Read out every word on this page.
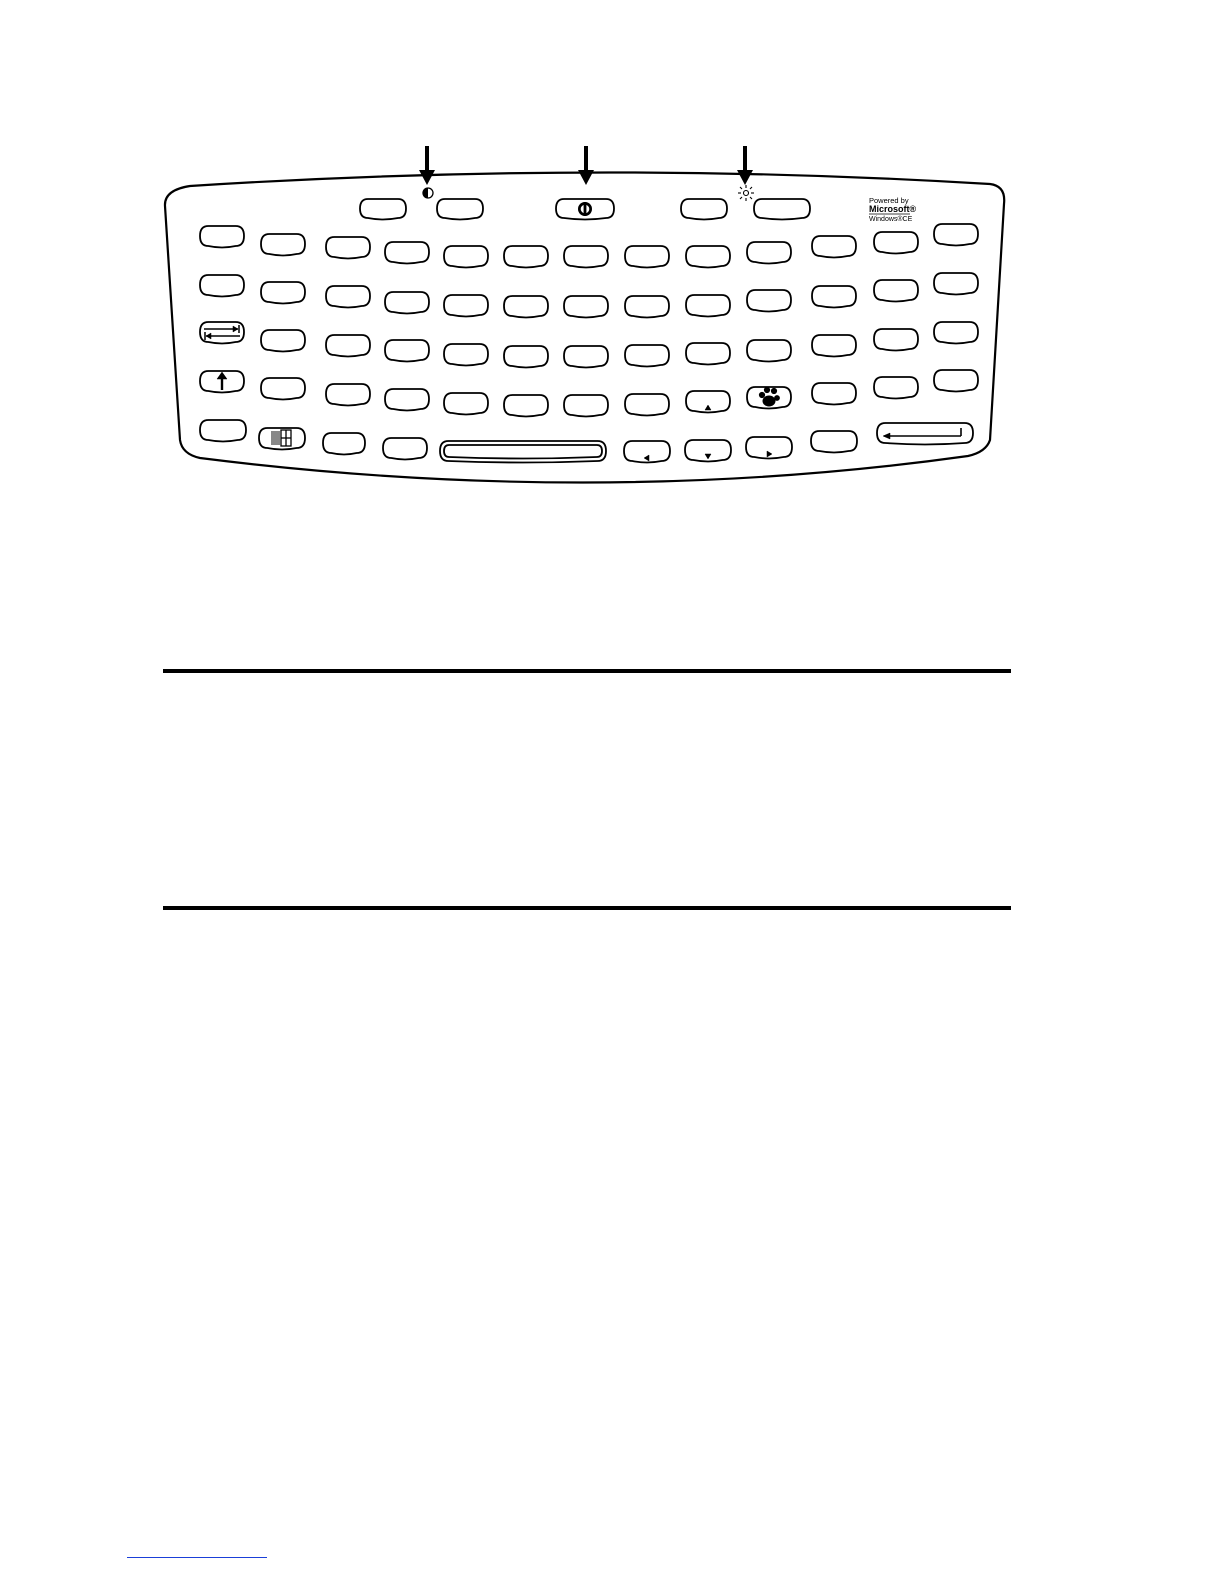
Powered by
Microsoft®
Windows®CE
